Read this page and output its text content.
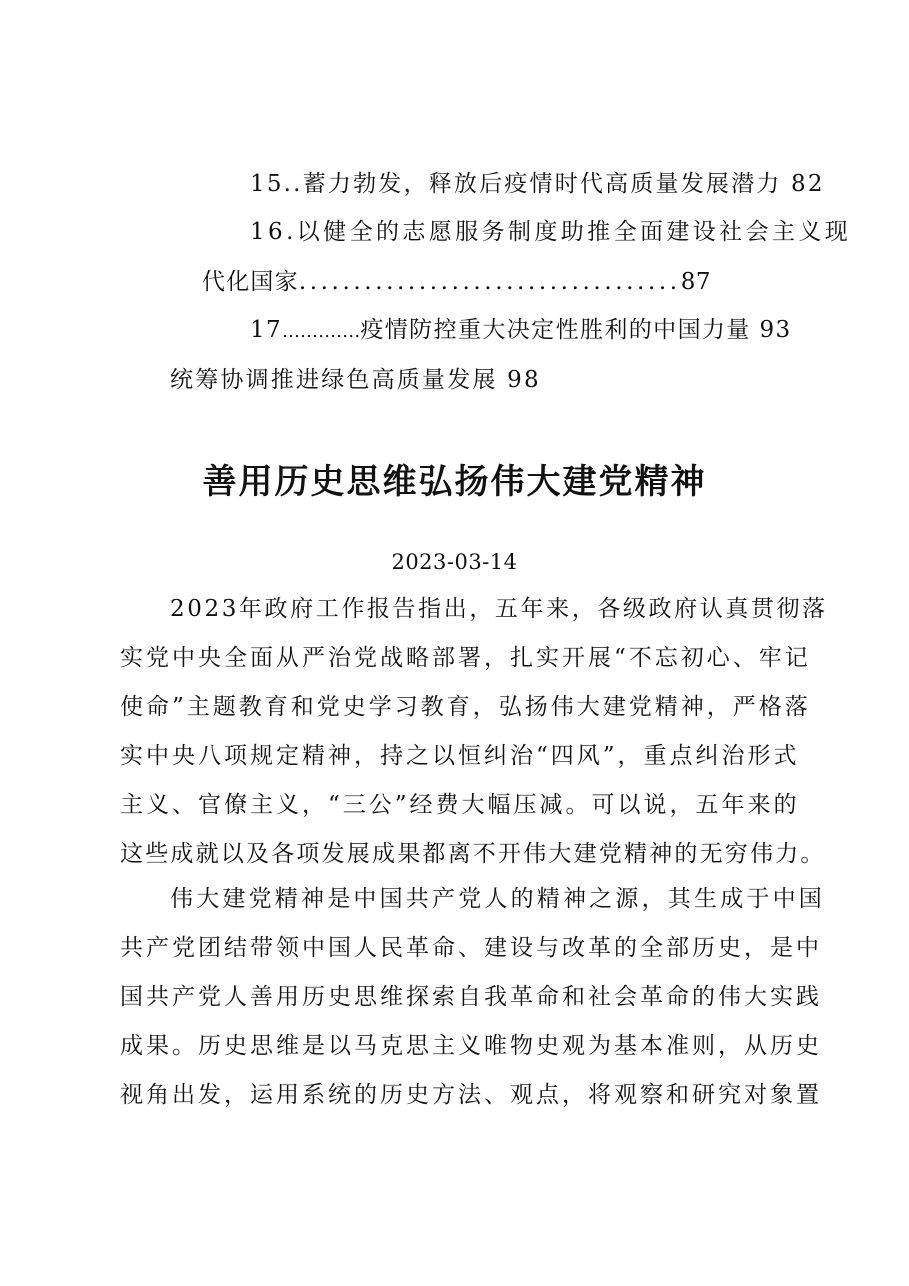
15..蓄力勃发，释放后疫情时代高质量发展潜力 82
16.以健全的志愿服务制度助推全面建设社会主义现
代化国家...................................87
17.............疫情防控重大决定性胜利的中国力量 93
统筹协调推进绿色高质量发展 98
善用历史思维弘扬伟大建党精神
2023-03-14
2023年政府工作报告指出，五年来，各级政府认真贯彻落
实党中央全面从严治党战略部署，扎实开展“不忘初心、牢记
使命”主题教育和党史学习教育，弘扬伟大建党精神，严格落
实中央八项规定精神，持之以恒纠治“四风”，重点纠治形式
主义、官僚主义，“三公”经费大幅压减。可以说，五年来的
这些成就以及各项发展成果都离不开伟大建党精神的无穷伟力。
伟大建党精神是中国共产党人的精神之源，其生成于中国
共产党团结带领中国人民革命、建设与改革的全部历史，是中
国共产党人善用历史思维探索自我革命和社会革命的伟大实践
成果。历史思维是以马克思主义唯物史观为基本准则，从历史
视角出发，运用系统的历史方法、观点，将观察和研究对象置
